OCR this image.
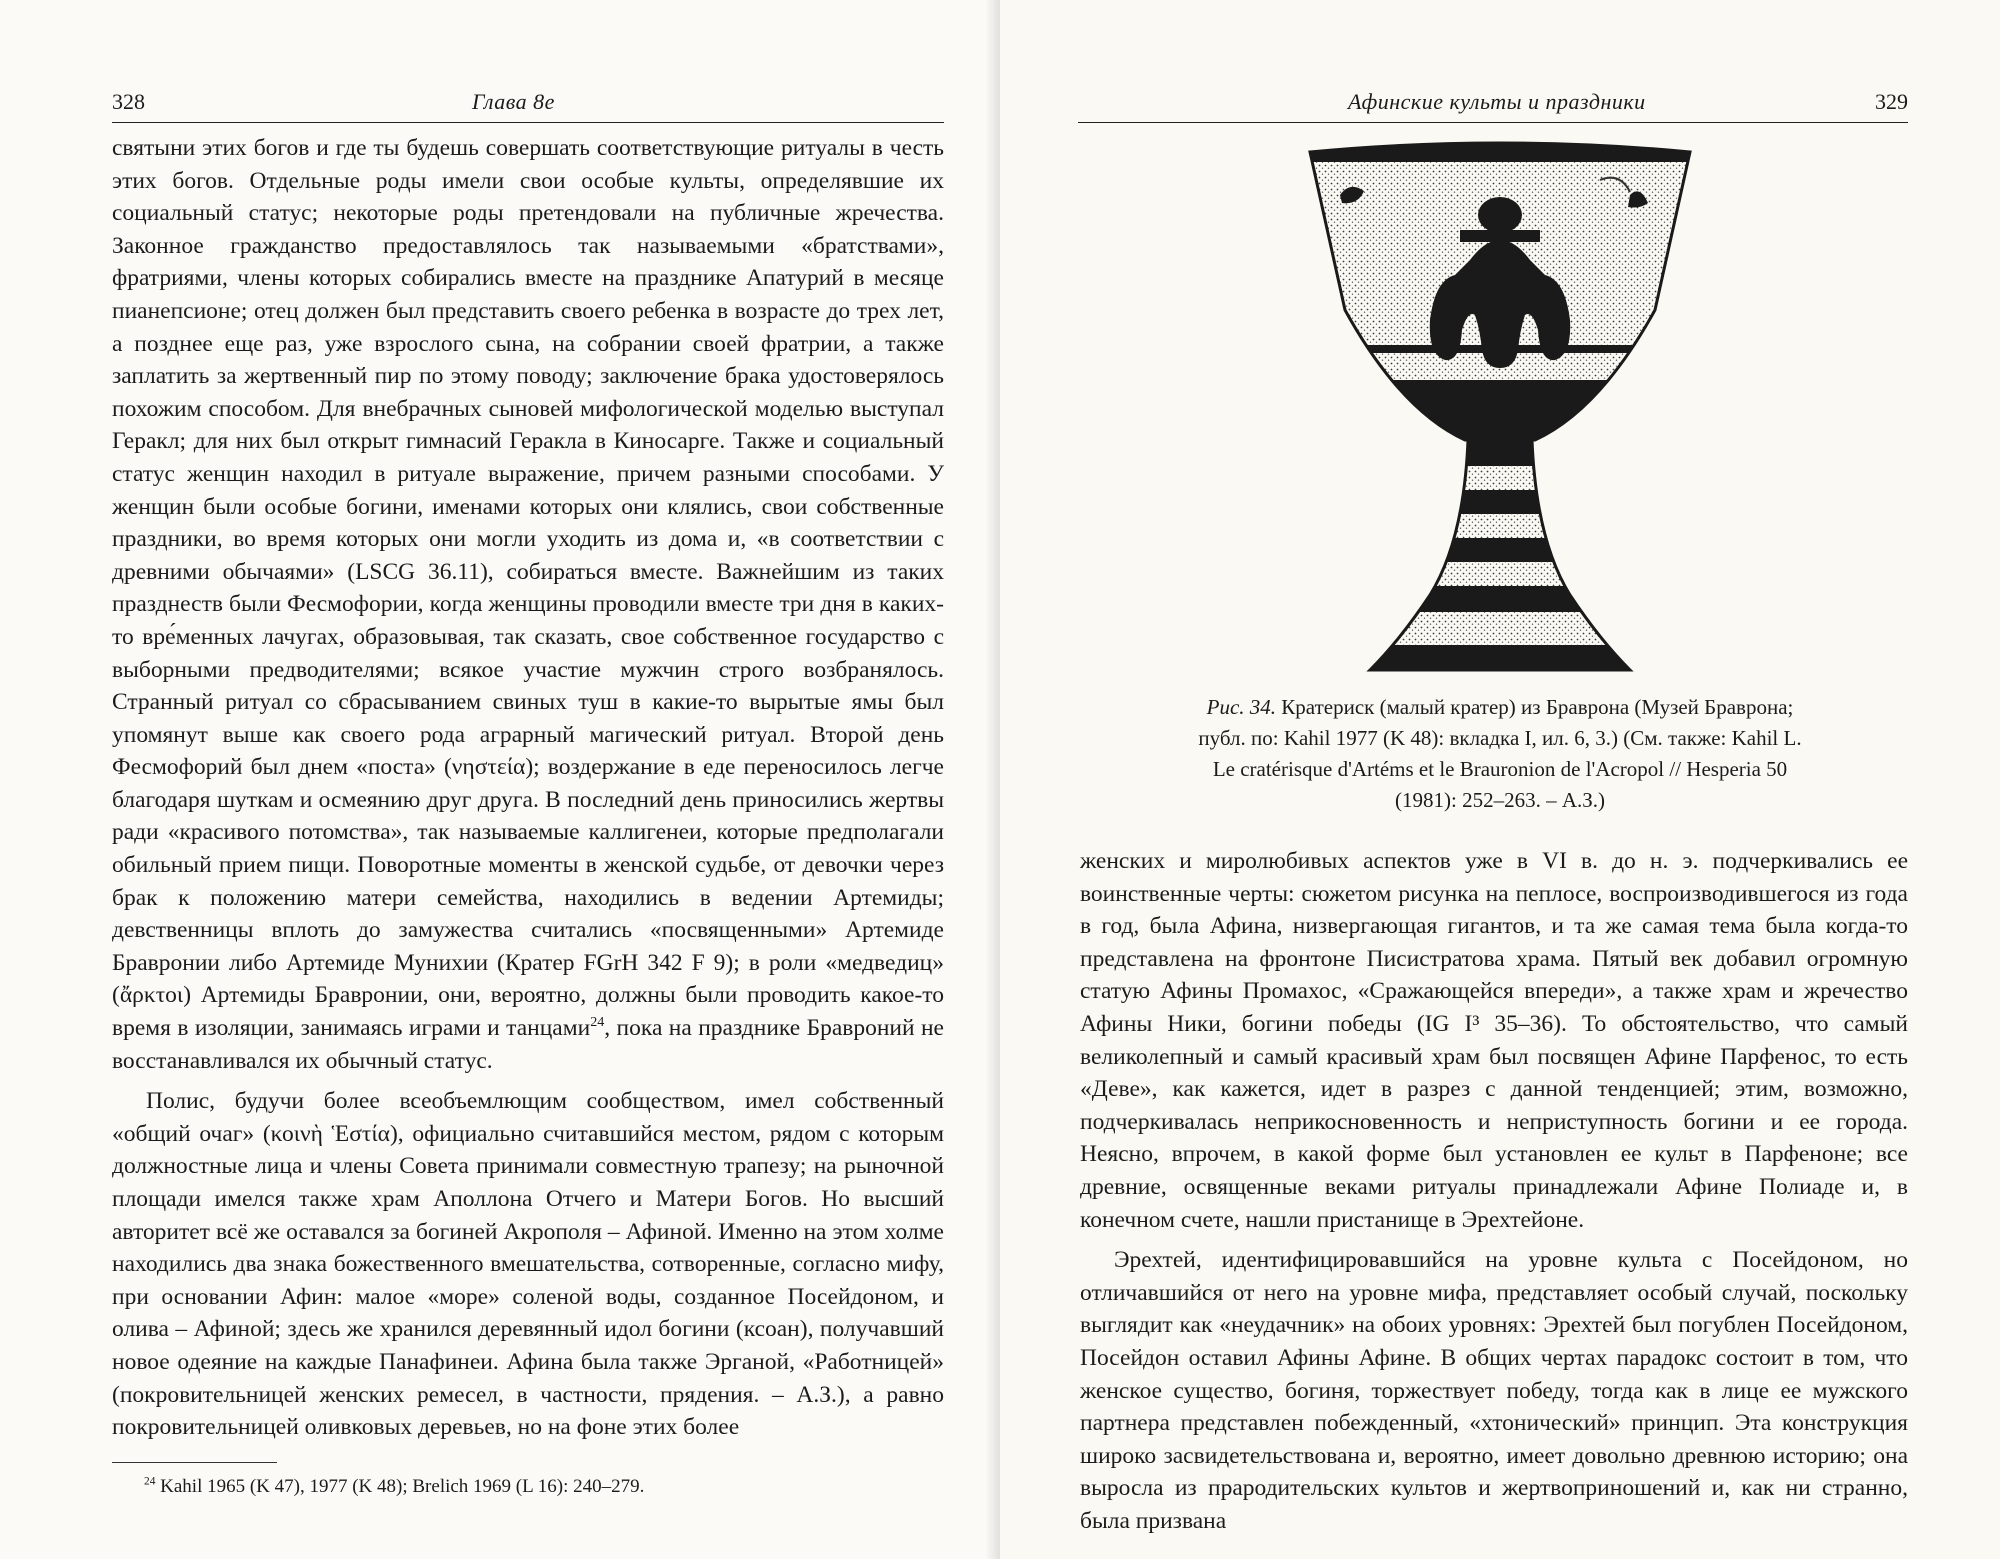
328	Глава 8е

святыни этих богов и где ты будешь совершать соответствующие ритуалы в честь этих богов. Отдельные роды имели свои особые культы, определявшие их социальный статус; некоторые роды претендовали на публичные жречества. Законное гражданство предоставлялось так называемыми «братствами», фратриями, члены которых собирались вместе на празднике Апатурий в месяце пианепсионе; отец должен был представить своего ребенка в возрасте до трех лет, а позднее еще раз, уже взрослого сына, на собрании своей фратрии, а также заплатить за жертвенный пир по этому поводу; заключение брака удостоверялось похожим способом. Для внебрачных сыновей мифологической моделью выступал Геракл; для них был открыт гимнасий Геракла в Киносарге. Также и социальный статус женщин находил в ритуале выражение, причем разными способами. У женщин были особые богини, именами которых они клялись, свои собственные праздники, во время которых они могли уходить из дома и, «в соответствии с древними обычаями» (LSCG 36.11), собираться вместе. Важнейшим из таких празднеств были Фесмофории, когда женщины проводили вместе три дня в каких-то вре́менных лачугах, образовывая, так сказать, свое собственное государство с выборными предводителями; всякое участие мужчин строго возбранялось. Странный ритуал со сбрасыванием свиных туш в какие-то вырытые ямы был упомянут выше как своего рода аграрный магический ритуал. Второй день Фесмофорий был днем «поста» (νηστεία); воздержание в еде переносилось легче благодаря шуткам и осмеянию друг друга. В последний день приносились жертвы ради «красивого потомства», так называемые каллигенеи, которые предполагали обильный прием пищи. Поворотные моменты в женской судьбе, от девочки через брак к положению матери семейства, находились в ведении Артемиды; девственницы вплоть до замужества считались «посвященными» Артемиде Бравронии либо Артемиде Мунихии (Кратер FGrH 342 F 9); в роли «медведиц» (ἄρκτοι) Артемиды Бравронии, они, вероятно, должны были проводить какое-то время в изоляции, занимаясь играми и танцами$^{24}$, пока на празднике Бравроний не восстанавливался их обычный статус.

Полис, будучи более всеобъемлющим сообществом, имел собственный «общий очаг» (κοινὴ Ἑστία), официально считавшийся местом, рядом с которым должностные лица и члены Совета принимали совместную трапезу; на рыночной площади имелся также храм Аполлона Отчего и Матери Богов. Но высший авторитет всё же оставался за богиней Акрополя – Афиной. Именно на этом холме находились два знака божественного вмешательства, сотворенные, согласно мифу, при основании Афин: малое «море» соленой воды, созданное Посейдоном, и олива – Афиной; здесь же хранился деревянный идол богини (ксоан), получавший новое одеяние на каждые Панафинеи. Афина была также Эрганой, «Работницей» (покровительницей женских ремесел, в частности, прядения. – А.З.), а равно покровительницей оливковых деревьев, но на фоне этих более

$^{24}$ Kahil 1965 (K 47), 1977 (K 48); Brelich 1969 (L 16): 240–279.
Афинские культы и праздники	329
Рис. 34. Кратериск (малый кратер) из Браврона (Музей Браврона; публ. по: Kahil 1977 (K 48): вкладка I, ил. 6, 3.) (См. также: Kahil L. Le cratérisque d'Artéms et le Brauronion de l'Acropol // Hesperia 50 (1981): 252–263. – А.З.)

женских и миролюбивых аспектов уже в VI в. до н. э. подчеркивались ее воинственные черты: сюжетом рисунка на пеплосе, воспроизводившегося из года в год, была Афина, низвергающая гигантов, и та же самая тема была когда-то представлена на фронтоне Писистратова храма. Пятый век добавил огромную статую Афины Промахос, «Сражающейся впереди», а также храм и жречество Афины Ники, богини победы (IG I³ 35–36). То обстоятельство, что самый великолепный и самый красивый храм был посвящен Афине Парфенос, то есть «Деве», как кажется, идет в разрез с данной тенденцией; этим, возможно, подчеркивалась неприкосновенность и неприступность богини и ее города. Неясно, впрочем, в какой форме был установлен ее культ в Парфеноне; все древние, освященные веками ритуалы принадлежали Афине Полиаде и, в конечном счете, нашли пристанище в Эрехтейоне.

Эрехтей, идентифицировавшийся на уровне культа с Посейдоном, но отличавшийся от него на уровне мифа, представляет особый случай, поскольку выглядит как «неудачник» на обоих уровнях: Эрехтей был погублен Посейдоном, Посейдон оставил Афины Афине. В общих чертах парадокс состоит в том, что женское существо, богиня, торжествует победу, тогда как в лице ее мужского партнера представлен побежденный, «хтонический» принцип. Эта конструкция широко засвидетельствована и, вероятно, имеет довольно древнюю историю; она выросла из прародительских культов и жертвоприношений и, как ни странно, была призвана
